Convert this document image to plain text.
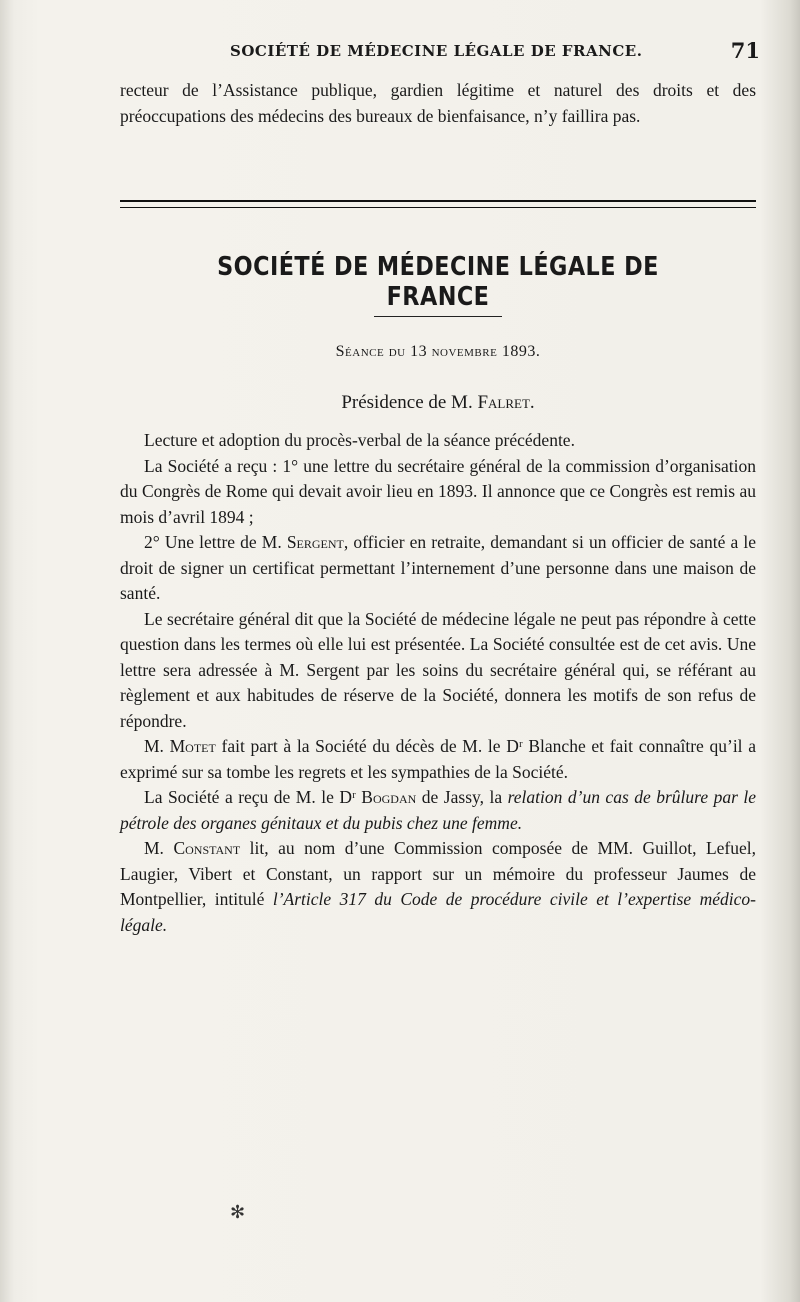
SOCIÉTÉ DE MÉDECINE LÉGALE DE FRANCE.	71

recteur de l’Assistance publique, gardien légitime et naturel des droits et des préoccupations des médecins des bureaux de bienfaisance, n’y faillira pas.

SOCIÉTÉ DE MÉDECINE LÉGALE DE FRANCE
Séance du 13 novembre 1893.
Présidence de M. Falret.

Lecture et adoption du procès-verbal de la séance précédente.

La Société a reçu : 1° une lettre du secrétaire général de la commission d’organisation du Congrès de Rome qui devait avoir lieu en 1893. Il annonce que ce Congrès est remis au mois d’avril 1894 ;

2° Une lettre de M. Sergent, officier en retraite, demandant si un officier de santé a le droit de signer un certificat permettant l’internement d’une personne dans une maison de santé.

Le secrétaire général dit que la Société de médecine légale ne peut pas répondre à cette question dans les termes où elle lui est présentée. La Société consultée est de cet avis. Une lettre sera adressée à M. Sergent par les soins du secrétaire général qui, se référant au règlement et aux habitudes de réserve de la Société, donnera les motifs de son refus de répondre.

M. Motet fait part à la Société du décès de M. le Dʳ Blanche et fait connaître qu’il a exprimé sur sa tombe les regrets et les sympathies de la Société.

La Société a reçu de M. le Dʳ Bogdan de Jassy, la relation d’un cas de brûlure par le pétrole des organes génitaux et du pubis chez une femme.

M. Constant lit, au nom d’une Commission composée de MM. Guillot, Lefuel, Laugier, Vibert et Constant, un rapport sur un mémoire du professeur Jaumes de Montpellier, intitulé l’Article 317 du Code de procédure civile et l’expertise médico-légale.

✻
